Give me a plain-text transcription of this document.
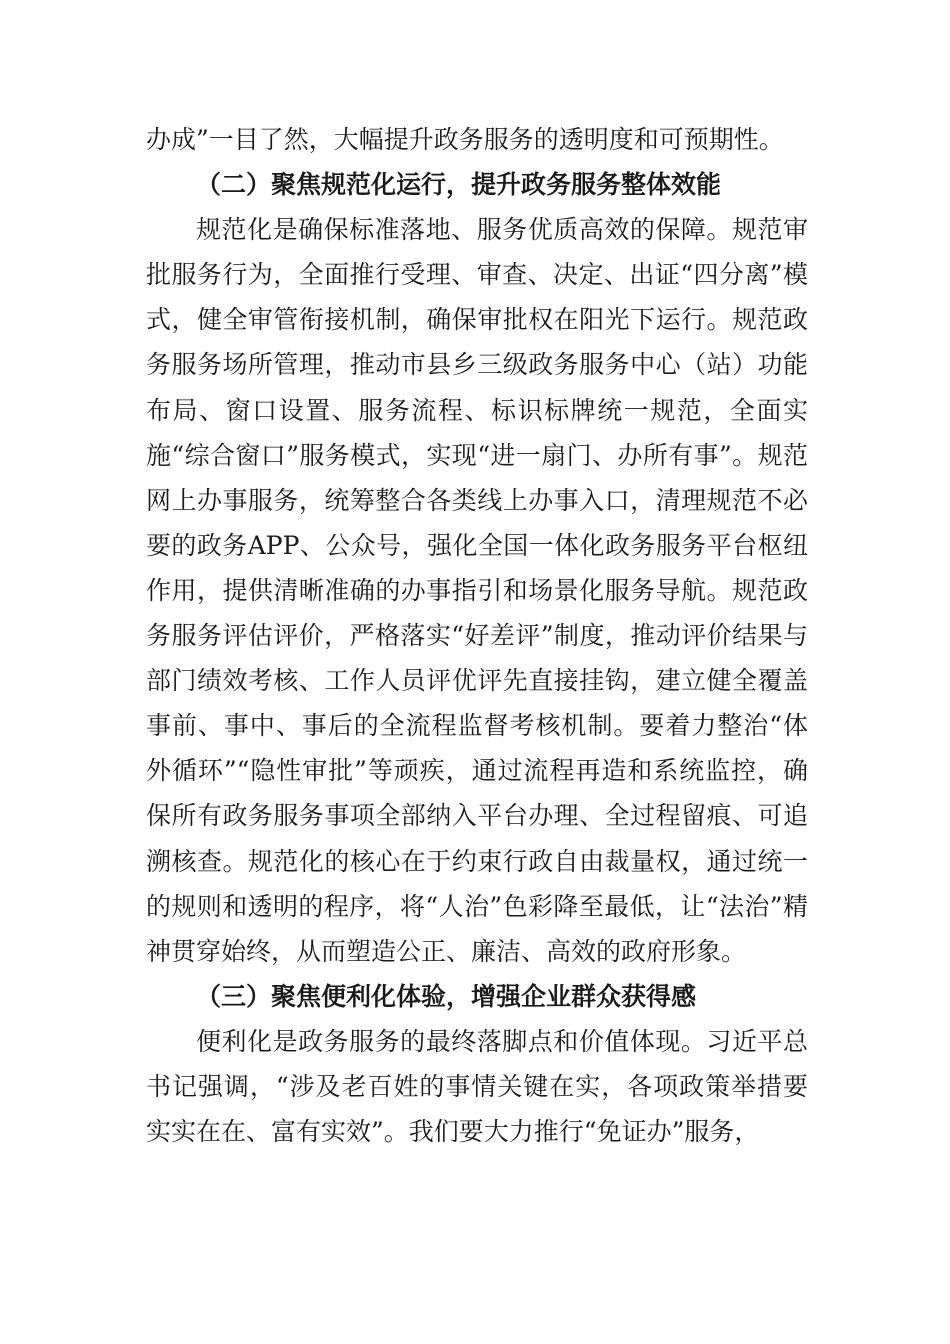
办成”一目了然，大幅提升政务服务的透明度和可预期性。

（二）聚焦规范化运行，提升政务服务整体效能

规范化是确保标准落地、服务优质高效的保障。规范审批服务行为，全面推行受理、审查、决定、出证“四分离”模式，健全审管衔接机制，确保审批权在阳光下运行。规范政务服务场所管理，推动市县乡三级政务服务中心（站）功能布局、窗口设置、服务流程、标识标牌统一规范，全面实施“综合窗口”服务模式，实现“进一扇门、办所有事”。规范网上办事服务，统筹整合各类线上办事入口，清理规范不必要的政务APP、公众号，强化全国一体化政务服务平台枢纽作用，提供清晰准确的办事指引和场景化服务导航。规范政务服务评估评价，严格落实“好差评”制度，推动评价结果与部门绩效考核、工作人员评优评先直接挂钩，建立健全覆盖事前、事中、事后的全流程监督考核机制。要着力整治“体外循环”“隐性审批”等顽疾，通过流程再造和系统监控，确保所有政务服务事项全部纳入平台办理、全过程留痕、可追溯核查。规范化的核心在于约束行政自由裁量权，通过统一的规则和透明的程序，将“人治”色彩降至最低，让“法治”精神贯穿始终，从而塑造公正、廉洁、高效的政府形象。

（三）聚焦便利化体验，增强企业群众获得感

便利化是政务服务的最终落脚点和价值体现。习近平总书记强调，“涉及老百姓的事情关键在实，各项政策举措要实实在在、富有实效”。我们要大力推行“免证办”服务，
